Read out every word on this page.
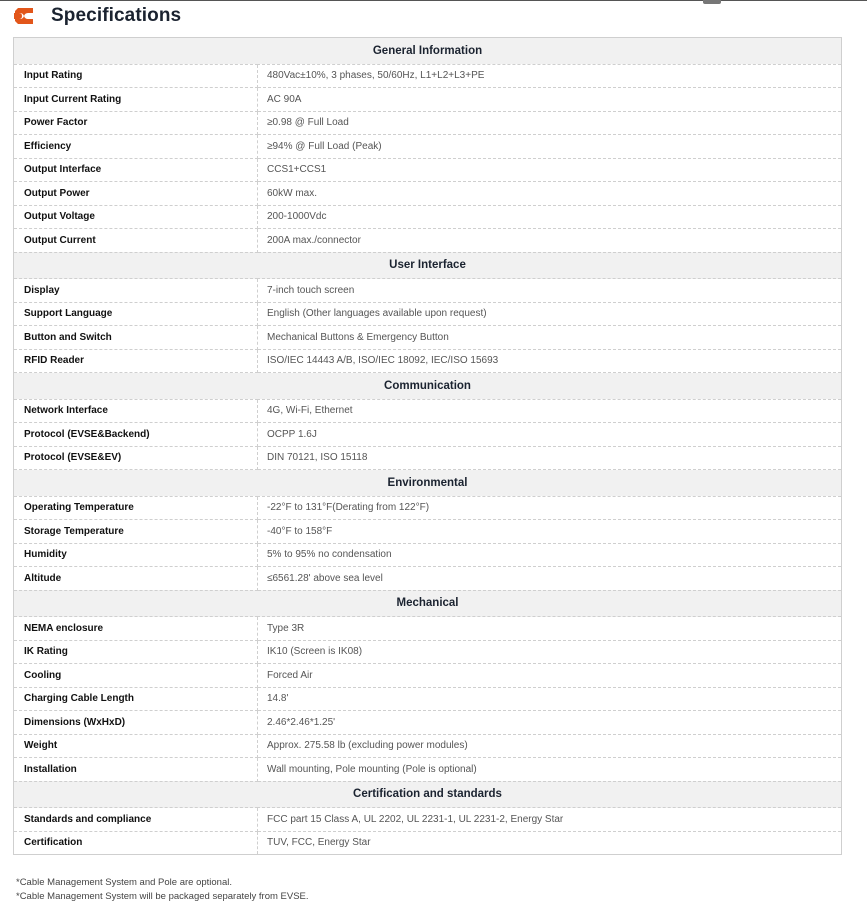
Specifications
General Information	
Input Rating	480Vac±10%, 3 phases, 50/60Hz, L1+L2+L3+PE
Input Current Rating	AC 90A
Power Factor	≥0.98 @ Full Load
Efficiency	≥94% @ Full Load (Peak)
Output Interface	CCS1+CCS1
Output Power	60kW max.
Output Voltage	200-1000Vdc
Output Current	200A max./connector
User Interface	
Display	7-inch touch screen
Support Language	English (Other languages available upon request)
Button and Switch	Mechanical Buttons & Emergency Button
RFID Reader	ISO/IEC 14443 A/B, ISO/IEC 18092, IEC/ISO 15693
Communication	
Network Interface	4G, Wi-Fi, Ethernet
Protocol (EVSE&Backend)	OCPP 1.6J
Protocol (EVSE&EV)	DIN 70121, ISO 15118
Environmental	
Operating Temperature	-22°F to 131°F(Derating from 122°F)
Storage Temperature	-40°F to 158°F
Humidity	5% to 95% no condensation
Altitude	≤6561.28' above sea level
Mechanical	
NEMA enclosure	Type 3R
IK Rating	IK10 (Screen is IK08)
Cooling	Forced Air
Charging Cable Length	14.8'
Dimensions (WxHxD)	2.46*2.46*1.25'
Weight	Approx. 275.58 lb (excluding power modules)
Installation	Wall mounting, Pole mounting (Pole is optional)
Certification and standards	
Standards and compliance	FCC part 15 Class A, UL 2202, UL 2231-1, UL 2231-2, Energy Star
Certification	TUV, FCC, Energy Star
*Cable Management System and Pole are optional.
*Cable Management System will be packaged separately from EVSE.
